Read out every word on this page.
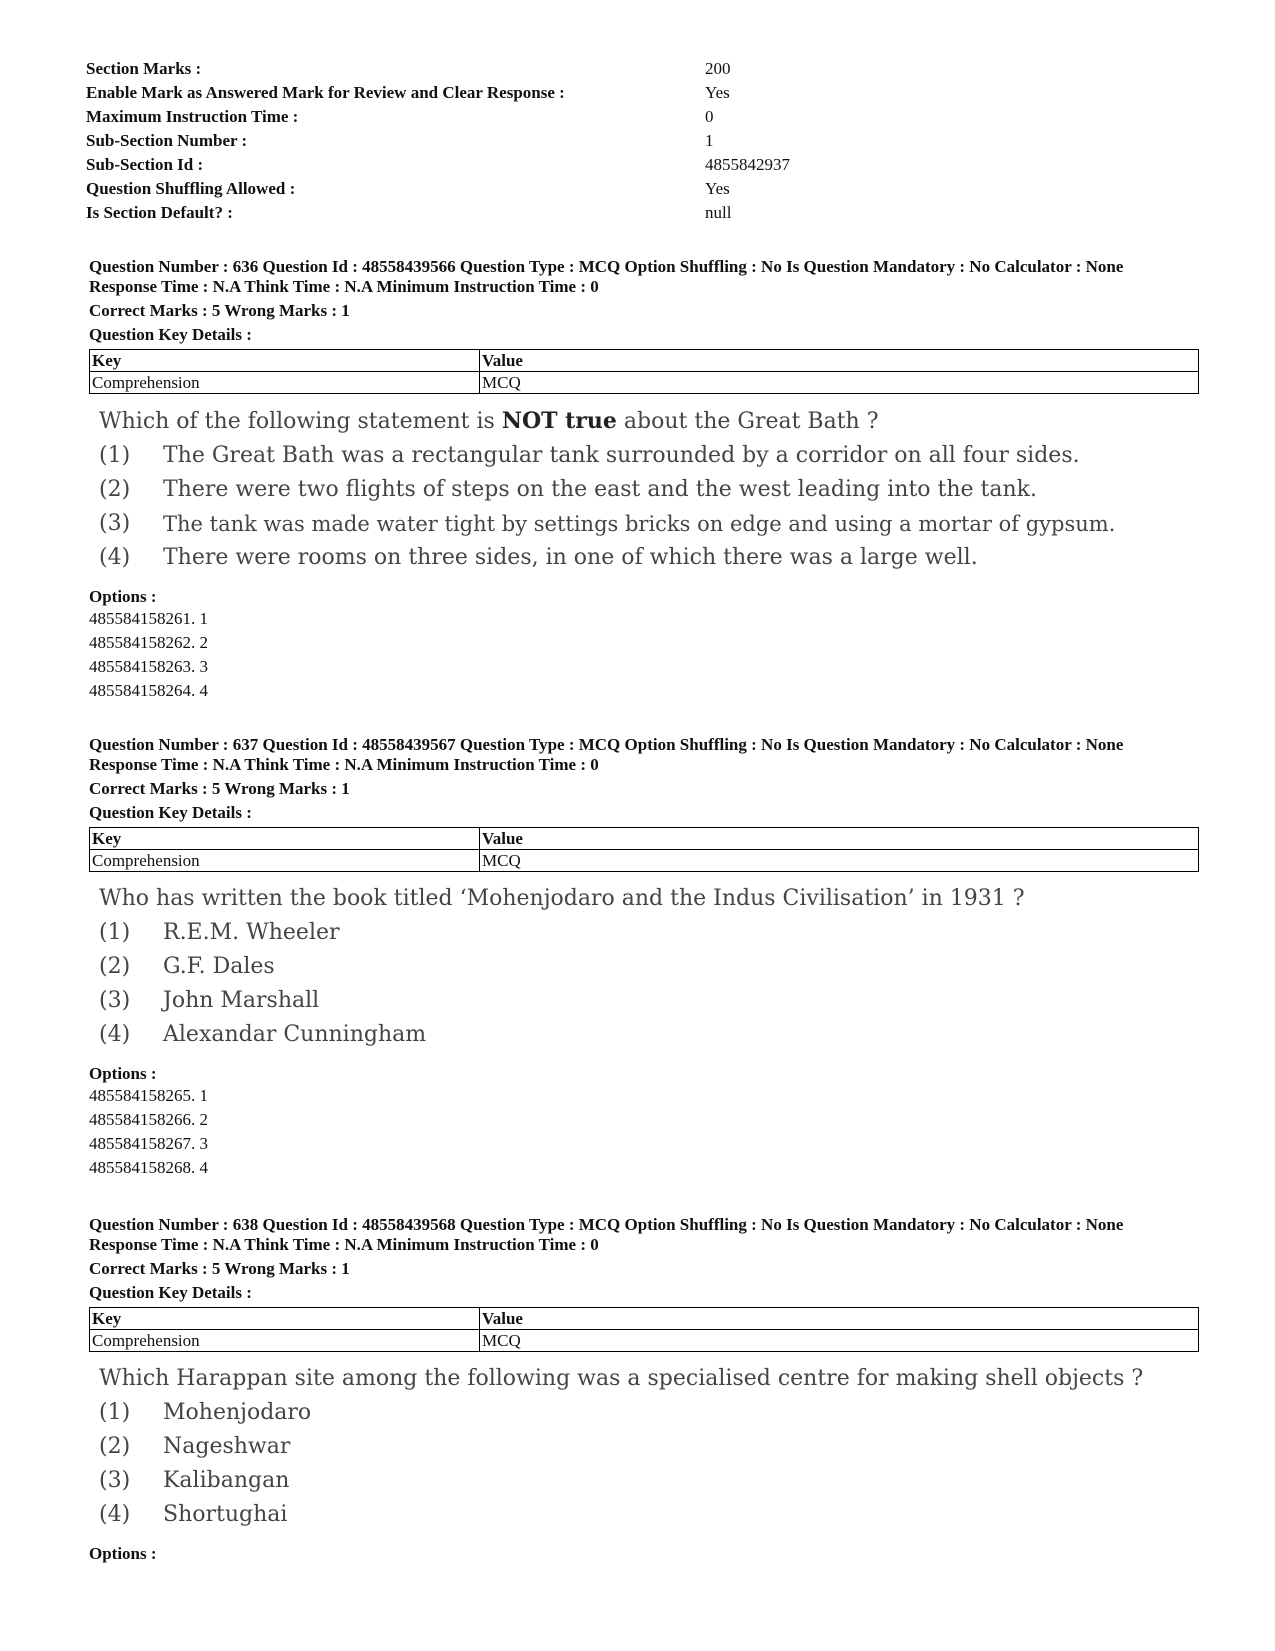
Section Marks :	200
Enable Mark as Answered Mark for Review and Clear Response :	Yes
Maximum Instruction Time :	0
Sub-Section Number :	1
Sub-Section Id :	4855842937
Question Shuffling Allowed :	Yes
Is Section Default? :	null
Question Number : 636 Question Id : 48558439566 Question Type : MCQ Option Shuffling : No Is Question Mandatory : No Calculator : None
Response Time : N.A Think Time : N.A Minimum Instruction Time : 0
Correct Marks : 5 Wrong Marks : 1
Question Key Details :
Key	Value
Comprehension	MCQ
Which of the following statement is NOT true about the Great Bath ?
(1)	The Great Bath was a rectangular tank surrounded by a corridor on all four sides.
(2)	There were two flights of steps on the east and the west leading into the tank.
(3)	The tank was made water tight by settings bricks on edge and using a mortar of gypsum.
(4)	There were rooms on three sides, in one of which there was a large well.
Options :
485584158261. 1
485584158262. 2
485584158263. 3
485584158264. 4
Question Number : 637 Question Id : 48558439567 Question Type : MCQ Option Shuffling : No Is Question Mandatory : No Calculator : None
Response Time : N.A Think Time : N.A Minimum Instruction Time : 0
Correct Marks : 5 Wrong Marks : 1
Question Key Details :
Key	Value
Comprehension	MCQ
Who has written the book titled ‘Mohenjodaro and the Indus Civilisation’ in 1931 ?
(1)	R.E.M. Wheeler
(2)	G.F. Dales
(3)	John Marshall
(4)	Alexandar Cunningham
Options :
485584158265. 1
485584158266. 2
485584158267. 3
485584158268. 4
Question Number : 638 Question Id : 48558439568 Question Type : MCQ Option Shuffling : No Is Question Mandatory : No Calculator : None
Response Time : N.A Think Time : N.A Minimum Instruction Time : 0
Correct Marks : 5 Wrong Marks : 1
Question Key Details :
Key	Value
Comprehension	MCQ
Which Harappan site among the following was a specialised centre for making shell objects ?
(1)	Mohenjodaro
(2)	Nageshwar
(3)	Kalibangan
(4)	Shortughai
Options :
